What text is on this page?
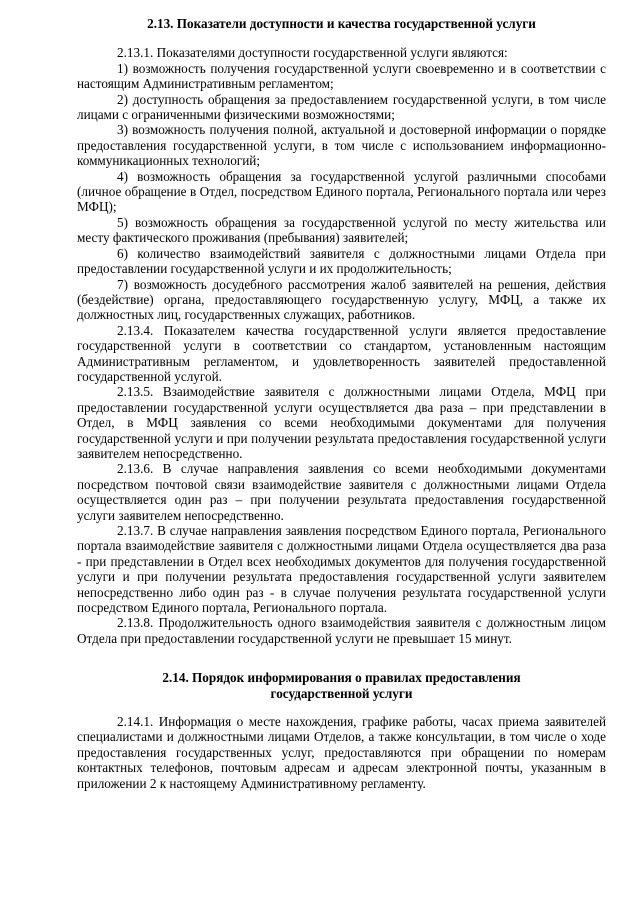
2.13. Показатели доступности и качества государственной услуги

2.13.1. Показателями доступности государственной услуги являются:

1) возможность получения государственной услуги своевременно и в соответствии с настоящим Административным регламентом;

2) доступность обращения за предоставлением государственной услуги, в том числе лицами с ограниченными физическими возможностями;

3) возможность получения полной, актуальной и достоверной информации о порядке предоставления государственной услуги, в том числе с использованием информационно-коммуникационных технологий;

4) возможность обращения за государственной услугой различными способами (личное обращение в Отдел, посредством Единого портала, Регионального портала или через МФЦ);

5) возможность обращения за государственной услугой по месту жительства или месту фактического проживания (пребывания) заявителей;

6) количество взаимодействий заявителя с должностными лицами Отдела при предоставлении государственной услуги и их продолжительность;

7) возможность досудебного рассмотрения жалоб заявителей на решения, действия (бездействие) органа, предоставляющего государственную услугу, МФЦ, а также их должностных лиц, государственных служащих, работников.

2.13.4. Показателем качества государственной услуги является предоставление государственной услуги в соответствии со стандартом, установленным настоящим Административным регламентом, и удовлетворенность заявителей предоставленной государственной услугой.

2.13.5. Взаимодействие заявителя с должностными лицами Отдела, МФЦ при предоставлении государственной услуги осуществляется два раза – при представлении в Отдел, в МФЦ заявления со всеми необходимыми документами для получения государственной услуги и при получении результата предоставления государственной услуги заявителем непосредственно.

2.13.6. В случае направления заявления со всеми необходимыми документами посредством почтовой связи взаимодействие заявителя с должностными лицами Отдела осуществляется один раз – при получении результата предоставления государственной услуги заявителем непосредственно.

2.13.7. В случае направления заявления посредством Единого портала, Регионального портала взаимодействие заявителя с должностными лицами Отдела осуществляется два раза - при представлении в Отдел всех необходимых документов для получения государственной услуги и при получении результата предоставления государственной услуги заявителем непосредственно либо один раз - в случае получения результата государственной услуги посредством Единого портала, Регионального портала.

2.13.8. Продолжительность одного взаимодействия заявителя с должностным лицом Отдела при предоставлении государственной услуги не превышает 15 минут.

2.14. Порядок информирования о правилах предоставления
государственной услуги

2.14.1. Информация о месте нахождения, графике работы, часах приема заявителей специалистами и должностными лицами Отделов, а также консультации, в том числе о ходе предоставления государственных услуг, предоставляются при обращении по номерам контактных телефонов, почтовым адресам и адресам электронной почты, указанным в приложении 2 к настоящему Административному регламенту.
